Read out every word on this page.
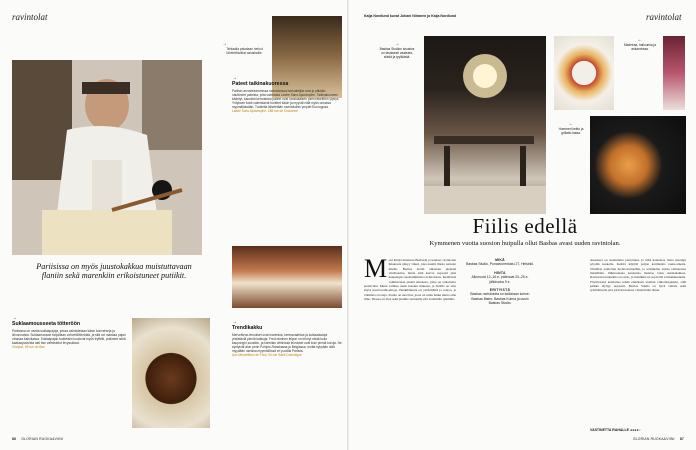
ravintolat
→
Tehtaalla pakataan herkut lähetettäväksi asiakkaille.
→
Pateet taikinakuoressa
Pariisin arvostetuimmissa ravintoloissa herkuttelijat ovat jo pitkään nauttineet pateista, joita valmistaa Lastre Sans Apostrophe. Taikinakuoreen käärityt, kauniisti kerrostetut pateet ovat ranskalaisen perinnekeittiön ylpeys. Yrityksen kokit valmistavat tuotteet käsin ja myyvät niitä myös omassa myymälässään. Tuotteita lähetetään ravintoloihin ympäri Eurooppaa.
Lastre Sans Apostrophe, 188 rue de Charonne
Pariisissa on myös juustokakkua muistuttavaan flaniin sekä marenkiin erikoistuneet putiikit.
→
Suklaamousseeta tötteröön
Pariisissa on useita suklaapajoja, joissa valmistetaan käsin konvehteja ja leivonnaisia. Suklaamousse tarjoillaan vohvelitötteröstä, ja sitä voi maistaa pajan omassa kahvilassa. Suklaapajan tuotteisiin kuuluvat myös tryffelit, pralineet sekä kaakaopavuista asti itse valmistetut levysuklaat.
Chapon, 69 rue du Bac
→
Trendikakku
Merveilleux-leivokset ovat marenkia, kermavaahtoa ja suklaalastuja yhdistäviä pieniä kakkuja. Fred-niminen leipuri on tehnyt niistä koko kaupungin suosikin, ja kahvilan vitriinissä leivokset ovat kuin pieniä koruja. Ne syntyivät alun perin Pohjois-Ranskassa ja Belgiassa, mutta nykyään niitä myydään useissa myymälöissä eri puolilla Pariisia.
Aux Merveilleux de Fred, 94 rue Saint-Dominique
86 GLORIAN RUOKA&VIINI
Kaija Nordlund kuvat Juhani Niiranen ja Kaija Nordlund	ravintolat
→
Basbas Studion sisustus on tasaisesti vaaleata, siistiä ja tyylikästä.
←
Madeiraa, halloumia ja ankanrintaa.
←
Hummeri keitto ja grillattu kalaa.
Fiilis edellä
Kymmenen vuotta suosion huipulla ollut Basbas avasi uuden ravintolan.
M oni kävijä tunnistaa Basbasin jo kaukaa: ravintolan ikkunasta näkyy väkeä, joka nauttii illasta rennoin mielin. Basbas aloitti aikanaan pienenä viinibaarina, mutta siitä kasvoi nopeasti yksi kaupungin suosituimmista ravintoloista. Keittiössä valmistetaan pieniä annoksia, jotka on tarkoitettu jaettaviksi. Menu vaihtuu usein kauden mukaan, ja listalla on aina myös kasvisvaihtoehtoja. Henkilökunta on ystävällistä ja rentoa, ja viinilista on laaja. Studio on uusi lisä, jossa on sama henki mutta oma ilme. Tilassa on tilaa sekä pienille seurueille että isommille ryhmille.
MIKÄ
Basbas Studio, Punavuorenkatu 27, Helsinki.
HINTA
Alkuruoat 12–16 e, pääruoat 20–25 e, jälkiruoka 9 e.
ERITYISTÄ
Basbas ravintoloita on kaikkiaan kolme: Basbas Bistro, Basbas Kulma ja uusin Basbas Studio.
Annokset on suunniteltu jaettaviksi, ja niitä kannattaa tilata useampi pöydän keskelle. Keittiö käyttää paljon kotimaisia raaka-aineita. Viinilista painottuu luonnonviineihin, ja sommelier auttaa valinnoissa mielellään. Jälkiruokana kannattaa maistaa talon suklaakakkua. Ravintolan tunnelma on rento, ja musiikki soi sopivalla voimakkuudella. Pöytävaraus kannattaa tehdä etukäteen etenkin viikonloppuisin, sillä paikka täyttyy nopeasti. Basbas Studio on hyvä valinta sekä työillalliselle että ystävien kanssa vietettävään iltaan.
VASTINETTA RAHALLE ●●●●○
GLORIAN RUOKA&VIINI 87
